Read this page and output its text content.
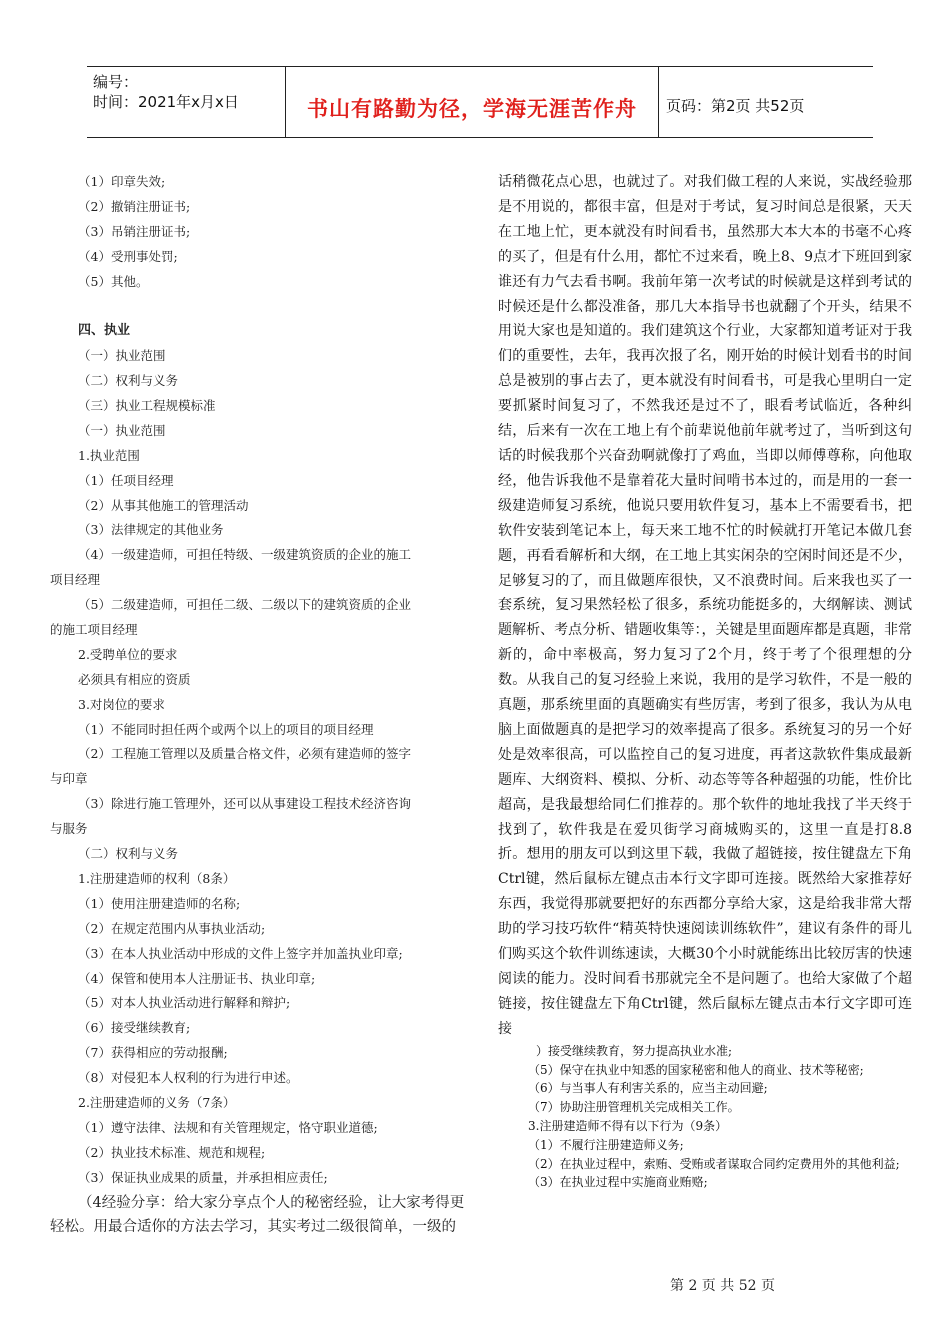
编号：
时间：2021年x月x日	书山有路勤为径，学海无涯苦作舟	页码：第2页 共52页
（1）印章失效;
（2）撤销注册证书;
（3）吊销注册证书;
（4）受刑事处罚;
（5）其他。
四、执业
（一）执业范围
（二）权利与义务
（三）执业工程规模标准
（一）执业范围
1.执业范围
（1）任项目经理
（2）从事其他施工的管理活动
（3）法律规定的其他业务
（4）一级建造师，可担任特级、一级建筑资质的企业的施工
项目经理
（5）二级建造师，可担任二级、二级以下的建筑资质的企业
的施工项目经理
2.受聘单位的要求
必须具有相应的资质
3.对岗位的要求
（1）不能同时担任两个或两个以上的项目的项目经理
（2）工程施工管理以及质量合格文件，必须有建造师的签字
与印章
（3）除进行施工管理外，还可以从事建设工程技术经济咨询
与服务
（二）权利与义务
1.注册建造师的权利（8条）
（1）使用注册建造师的名称;
（2）在规定范围内从事执业活动;
（3）在本人执业活动中形成的文件上签字并加盖执业印章;
（4）保管和使用本人注册证书、执业印章;
（5）对本人执业活动进行解释和辩护;
（6）接受继续教育;
（7）获得相应的劳动报酬;
（8）对侵犯本人权利的行为进行申述。
2.注册建造师的义务（7条）
（1）遵守法律、法规和有关管理规定，恪守职业道德;
（2）执业技术标准、规范和规程;
（3）保证执业成果的质量，并承担相应责任;
（4经验分享：给大家分享点个人的秘密经验，让大家考得更
轻松。用最合适你的方法去学习，其实考过二级很简单，一级的

话稍微花点心思，也就过了。对我们做工程的人来说，实战经验那是不用说的，都很丰富，但是对于考试，复习时间总是很紧，天天在工地上忙，更本就没有时间看书，虽然那大本大本的书毫不心疼的买了，但是有什么用，都忙不过来看，晚上8、9点才下班回到家谁还有力气去看书啊。我前年第一次考试的时候就是这样到考试的时候还是什么都没准备，那几大本指导书也就翻了个开头，结果不用说大家也是知道的。我们建筑这个行业，大家都知道考证对于我们的重要性，去年，我再次报了名，刚开始的时候计划看书的时间总是被别的事占去了，更本就没有时间看书，可是我心里明白一定要抓紧时间复习了，不然我还是过不了，眼看考试临近，各种纠结，后来有一次在工地上有个前辈说他前年就考过了，当听到这句话的时候我那个兴奋劲啊就像打了鸡血，当即以师傅尊称，向他取经，他告诉我他不是靠着花大量时间啃书本过的，而是用的一套一级建造师复习系统，他说只要用软件复习，基本上不需要看书，把软件安装到笔记本上，每天来工地不忙的时候就打开笔记本做几套题，再看看解析和大纲，在工地上其实闲杂的空闲时间还是不少，足够复习的了，而且做题库很快，又不浪费时间。后来我也买了一套系统，复习果然轻松了很多，系统功能挺多的，大纲解读、测试题解析、考点分析、错题收集等：，关键是里面题库都是真题，非常新的，命中率极高，努力复习了2个月，终于考了个很理想的分数。从我自己的复习经验上来说，我用的是学习软件，不是一般的真题，那系统里面的真题确实有些厉害，考到了很多，我认为从电脑上面做题真的是把学习的效率提高了很多。系统复习的另一个好处是效率很高，可以监控自己的复习进度，再者这款软件集成最新题库、大纲资料、模拟、分析、动态等等各种超强的功能，性价比超高，是我最想给同仁们推荐的。那个软件的地址我找了半天终于找到了，软件我是在爱贝街学习商城购买的，这里一直是打8.8折。想用的朋友可以到这里下载，我做了超链接，按住键盘左下角Ctrl键，然后鼠标左键点击本行文字即可连接。既然给大家推荐好东西，我觉得那就要把好的东西都分享给大家，这是给我非常大帮助的学习技巧软件“精英特快速阅读训练软件”，建议有条件的哥儿们购买这个软件训练速读，大概30个小时就能练出比较厉害的快速阅读的能力。没时间看书那就完全不是问题了。也给大家做了个超链接，按住键盘左下角Ctrl键，然后鼠标左键点击本行文字即可连接

）接受继续教育，努力提高执业水准;
（5）保守在执业中知悉的国家秘密和他人的商业、技术等秘密;
（6）与当事人有利害关系的，应当主动回避;
（7）协助注册管理机关完成相关工作。
3.注册建造师不得有以下行为（9条）
（1）不履行注册建造师义务;
（2）在执业过程中，索贿、受贿或者谋取合同约定费用外的其他利益;
（3）在执业过程中实施商业贿赂;
第 2 页 共 52 页
